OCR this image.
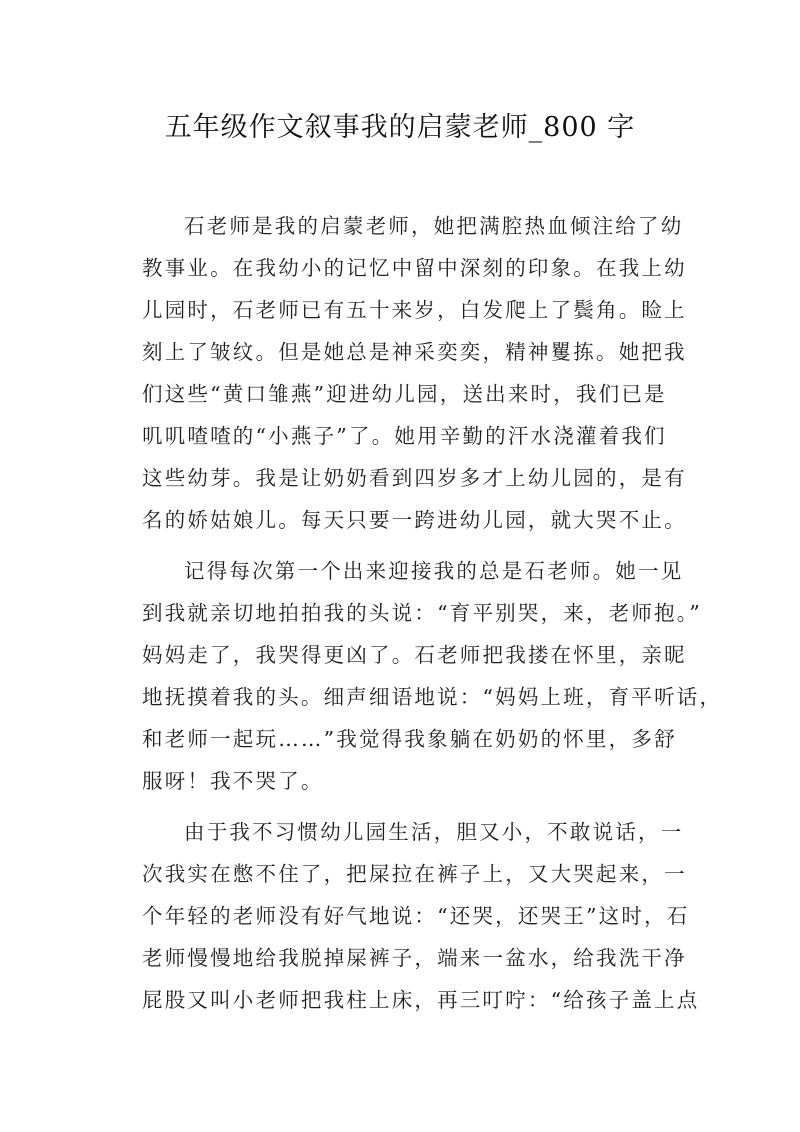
五年级作文叙事我的启蒙老师_800 字
石老师是我的启蒙老师，她把满腔热血倾注给了幼
教事业。在我幼小的记忆中留中深刻的印象。在我上幼
儿园时，石老师已有五十来岁，白发爬上了鬓角。睑上
刻上了皱纹。但是她总是神采奕奕，精神矍拣。她把我
们这些“黄口雏燕”迎进幼儿园，送出来时，我们已是
叽叽喳喳的“小燕子”了。她用辛勤的汗水浇灌着我们
这些幼芽。我是让奶奶看到四岁多才上幼儿园的，是有
名的娇姑娘儿。每天只要一跨进幼儿园，就大哭不止。
记得每次第一个出来迎接我的总是石老师。她一见
到我就亲切地拍拍我的头说：“育平别哭，来，老师抱。”
妈妈走了，我哭得更凶了。石老师把我搂在怀里，亲昵
地抚摸着我的头。细声细语地说：“妈妈上班，育平听话，
和老师一起玩……”我觉得我象躺在奶奶的怀里，多舒
服呀！我不哭了。
由于我不习惯幼儿园生活，胆又小，不敢说话，一
次我实在憋不住了，把屎拉在裤子上，又大哭起来，一
个年轻的老师没有好气地说：“还哭，还哭王”这时，石
老师慢慢地给我脱掉屎裤子，端来一盆水，给我洗干净
屁股又叫小老师把我柱上床，再三叮咛：“给孩子盖上点
